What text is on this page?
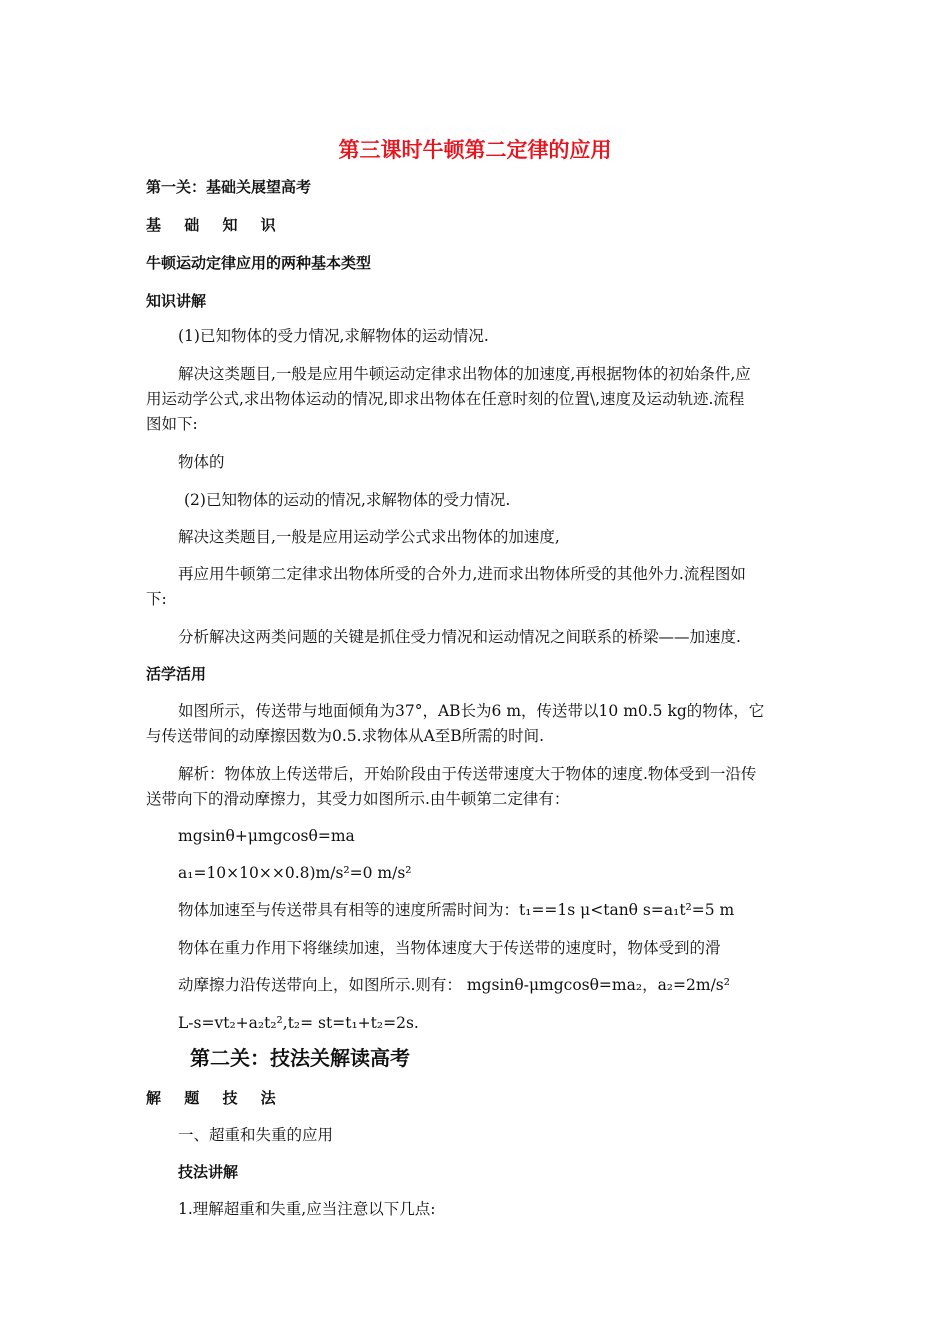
第三课时牛顿第二定律的应用
第一关：基础关展望高考
基 础 知 识
牛顿运动定律应用的两种基本类型
知识讲解
(1)已知物体的受力情况,求解物体的运动情况.
解决这类题目,一般是应用牛顿运动定律求出物体的加速度,再根据物体的初始条件,应
用运动学公式,求出物体运动的情况,即求出物体在任意时刻的位置\,速度及运动轨迹.流程
图如下:
物体的
(2)已知物体的运动的情况,求解物体的受力情况.
解决这类题目,一般是应用运动学公式求出物体的加速度,
再应用牛顿第二定律求出物体所受的合外力,进而求出物体所受的其他外力.流程图如
下:
分析解决这两类问题的关键是抓住受力情况和运动情况之间联系的桥梁——加速度.
活学活用
如图所示，传送带与地面倾角为37°，AB长为6 m，传送带以10 m0.5 kg的物体，它
与传送带间的动摩擦因数为0.5.求物体从A至B所需的时间.
解析：物体放上传送带后，开始阶段由于传送带速度大于物体的速度.物体受到一沿传
送带向下的滑动摩擦力，其受力如图所示.由牛顿第二定律有：
mgsinθ+μmgcosθ=ma
a₁=10×10××0.8)m/s²=0 m/s²
物体加速至与传送带具有相等的速度所需时间为：t₁==1s μ<tanθ s=a₁t²=5 m
物体在重力作用下将继续加速，当物体速度大于传送带的速度时，物体受到的滑
动摩擦力沿传送带向上，如图所示.则有： mgsinθ-μmgcosθ=ma₂，a₂=2m/s²
L-s=vt₂+a₂t₂²,t₂= st=t₁+t₂=2s.
第二关：技法关解读高考
解 题 技 法
一、超重和失重的应用
技法讲解
1.理解超重和失重,应当注意以下几点:
